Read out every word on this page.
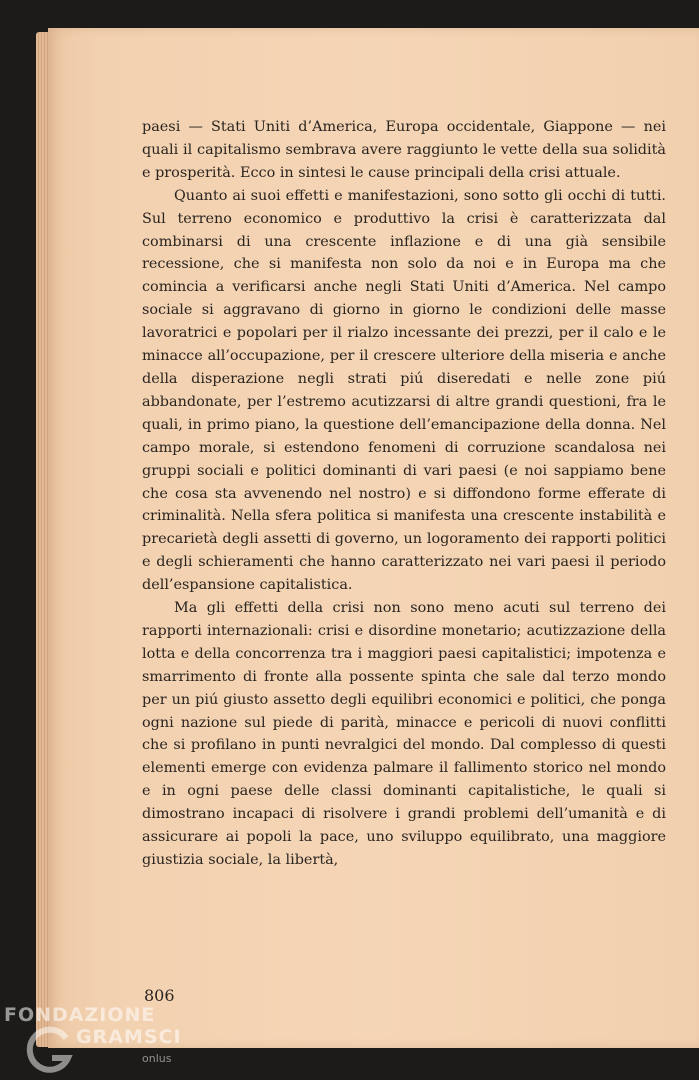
paesi — Stati Uniti d’America, Europa occidentale, Giappone — nei quali il capitalismo sembrava avere raggiunto le vette della sua solidità e prosperità. Ecco in sintesi le cause principali della crisi attuale.

Quanto ai suoi effetti e manifestazioni, sono sotto gli occhi di tutti. Sul terreno economico e produttivo la crisi è caratterizzata dal combinarsi di una crescente inflazione e di una già sensibile recessione, che si manifesta non solo da noi e in Europa ma che comincia a verificarsi anche negli Stati Uniti d’America. Nel campo sociale si aggravano di giorno in giorno le condizioni delle masse lavoratrici e popolari per il rialzo incessante dei prezzi, per il calo e le minacce all’occupazione, per il crescere ulteriore della miseria e anche della disperazione negli strati piú diseredati e nelle zone piú abbandonate, per l’estremo acutizzarsi di altre grandi questioni, fra le quali, in primo piano, la questione dell’emancipazione della donna. Nel campo morale, si estendono fenomeni di corruzione scandalosa nei gruppi sociali e politici dominanti di vari paesi (e noi sappiamo bene che cosa sta avvenendo nel nostro) e si diffondono forme efferate di criminalità. Nella sfera politica si manifesta una crescente instabilità e precarietà degli assetti di governo, un logoramento dei rapporti politici e degli schieramenti che hanno caratterizzato nei vari paesi il periodo dell’espansione capitalistica.

Ma gli effetti della crisi non sono meno acuti sul terreno dei rapporti internazionali: crisi e disordine monetario; acutizzazione della lotta e della concorrenza tra i maggiori paesi capitalistici; impotenza e smarrimento di fronte alla possente spinta che sale dal terzo mondo per un piú giusto assetto degli equilibri economici e politici, che ponga ogni nazione sul piede di parità, minacce e pericoli di nuovi conflitti che si profilano in punti nevralgici del mondo. Dal complesso di questi elementi emerge con evidenza palmare il fallimento storico nel mondo e in ogni paese delle classi dominanti capitalistiche, le quali si dimostrano incapaci di risolvere i grandi problemi dell’umanità e di assicurare ai popoli la pace, uno sviluppo equilibrato, una maggiore giustizia sociale, la libertà,

806
FONDAZIONE
GRAMSCI
onlus
